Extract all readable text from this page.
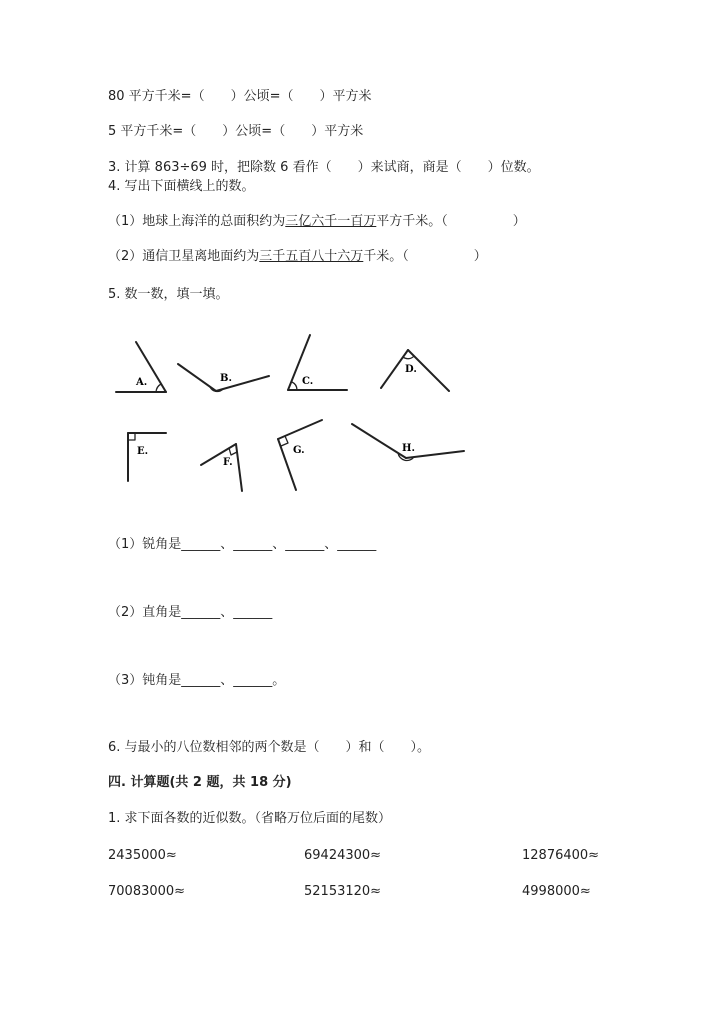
80 平方千米=（　　）公顷=（　　）平方米
5 平方千米=（　　）公顷=（　　）平方米
3. 计算 863÷69 时，把除数 6 看作（　　）来试商，商是（　　）位数。
4. 写出下面横线上的数。
（1）地球上海洋的总面积约为三亿六千一百万平方千米。（　　　　　）
（2）通信卫星离地面约为三千五百八十六万千米。（　　　　　）
5. 数一数，填一填。
A.	B.	C.
D.
E.
F.
G.	H.
（1）锐角是______、______、______、______
（2）直角是______、______
（3）钝角是______、______。
6. 与最小的八位数相邻的两个数是（　　）和（　　）。
四. 计算题(共 2 题，共 18 分)
1. 求下面各数的近似数。（省略万位后面的尾数）
2435000≈	69424300≈	12876400≈
70083000≈	52153120≈	4998000≈
